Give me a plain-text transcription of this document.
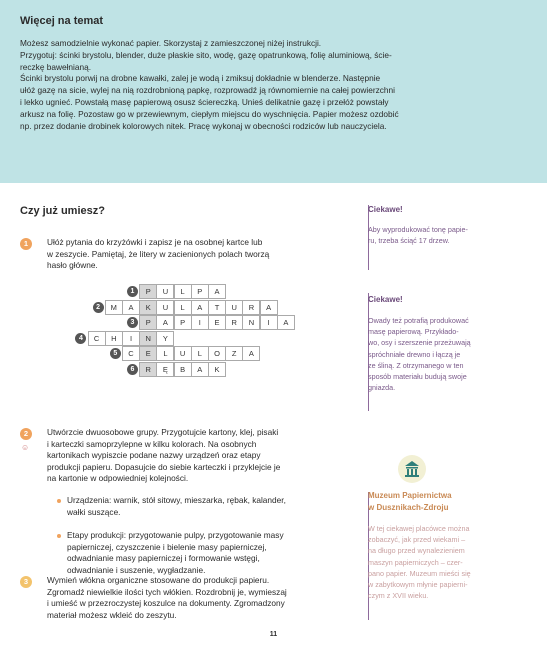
Więcej na temat

Możesz samodzielnie wykonać papier. Skorzystaj z zamieszczonej niżej instrukcji.
Przygotuj: ścinki brystolu, blender, duże płaskie sito, wodę, gazę opatrunkową, folię aluminiową, ście-
reczkę bawełnianą.
Ścinki brystolu porwij na drobne kawałki, zalej je wodą i zmiksuj dokładnie w blenderze. Następnie
ułóż gazę na sicie, wylej na nią rozdrobnioną papkę, rozprowadź ją równomiernie na całej powierzchni
i lekko ugnieć. Powstałą masę papierową osusz ściereczką. Unieś delikatnie gazę i przełóż powstały
arkusz na folię. Pozostaw go w przewiewnym, ciepłym miejscu do wyschnięcia. Papier możesz ozdobić
np. przez dodanie drobinek kolorowych nitek. Pracę wykonaj w obecności rodziców lub nauczyciela.

Czy już umiesz?
1	Ułóż pytania do krzyżówki i zapisz je na osobnej kartce lub
w zeszycie. Pamiętaj, że litery w zacienionych polach tworzą
hasło główne.
1	P	U	L	P	A
2	M	A	K	U	L	A	T	U	R	A
3	P	A	P	I	E	R	N	I	A
4	C	H	I	N	Y
5	C	E	L	U	L	O	Z	A
6	R	Ę	B	A	K
2
☺
Utwórzcie dwuosobowe grupy. Przygotujcie kartony, klej, pisaki
i karteczki samoprzylepne w kilku kolorach. Na osobnych
kartonikach wypiszcie podane nazwy urządzeń oraz etapy
produkcji papieru. Dopasujcie do siebie karteczki i przyklejcie je
na kartonie w odpowiedniej kolejności.
Urządzenia: warnik, stół sitowy, mieszarka, rębak, kalander,
wałki suszące.
Etapy produkcji: przygotowanie pulpy, przygotowanie masy
papierniczej, czyszczenie i bielenie masy papierniczej,
odwadnianie masy papierniczej i formowanie wstęgi,
odwadnianie i suszenie, wygładzanie.
3	Wymień włókna organiczne stosowane do produkcji papieru.
Zgromadź niewielkie ilości tych włókien. Rozdrobnij je, wymieszaj
i umieść w przezroczystej koszulce na dokumenty. Zgromadzony
materiał możesz wkleić do zeszytu.
Ciekawe!
Aby wyprodukować tonę papie-
ru, trzeba ściąć 17 drzew.
Ciekawe!
Owady też potrafią produkować
masę papierową. Przykłado-
wo, osy i szerszenie przeżuwają
spróchniałe drewno i łączą je
ze śliną. Z otrzymanego w ten
sposób materiału budują swoje
gniazda.
Muzeum Papiernictwa
w Dusznikach-Zdroju
W tej ciekawej placówce można
zobaczyć, jak przed wiekami –
na długo przed wynalezieniem
maszyn papierniczych – czer-
pano papier. Muzeum mieści się
w zabytkowym młynie papierni-
czym z XVII wieku.
11
